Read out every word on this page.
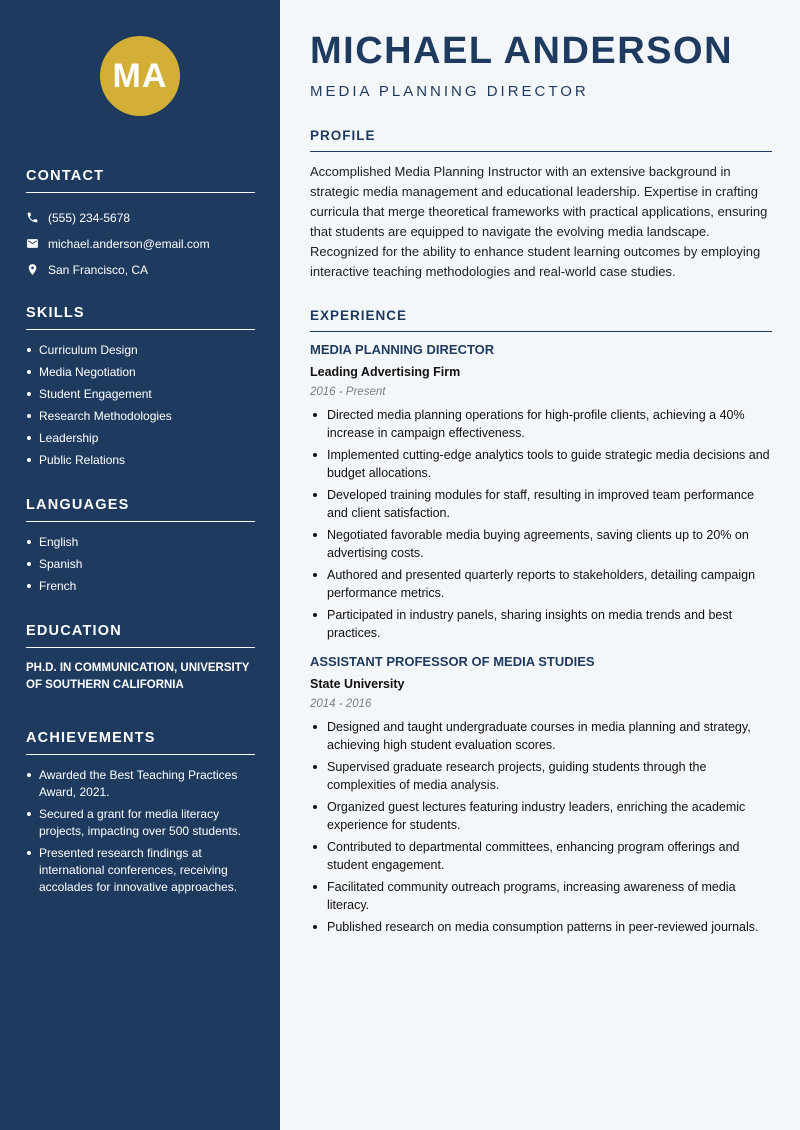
MA
CONTACT
(555) 234-5678
michael.anderson@email.com
San Francisco, CA
SKILLS
Curriculum Design
Media Negotiation
Student Engagement
Research Methodologies
Leadership
Public Relations
LANGUAGES
English
Spanish
French
EDUCATION
PH.D. IN COMMUNICATION, UNIVERSITY OF SOUTHERN CALIFORNIA
ACHIEVEMENTS
Awarded the Best Teaching Practices Award, 2021.
Secured a grant for media literacy projects, impacting over 500 students.
Presented research findings at international conferences, receiving accolades for innovative approaches.
MICHAEL ANDERSON
MEDIA PLANNING DIRECTOR
PROFILE

Accomplished Media Planning Instructor with an extensive background in strategic media management and educational leadership. Expertise in crafting curricula that merge theoretical frameworks with practical applications, ensuring that students are equipped to navigate the evolving media landscape. Recognized for the ability to enhance student learning outcomes by employing interactive teaching methodologies and real-world case studies.

EXPERIENCE
MEDIA PLANNING DIRECTOR
Leading Advertising Firm
2016 - Present
Directed media planning operations for high-profile clients, achieving a 40% increase in campaign effectiveness.
Implemented cutting-edge analytics tools to guide strategic media decisions and budget allocations.
Developed training modules for staff, resulting in improved team performance and client satisfaction.
Negotiated favorable media buying agreements, saving clients up to 20% on advertising costs.
Authored and presented quarterly reports to stakeholders, detailing campaign performance metrics.
Participated in industry panels, sharing insights on media trends and best practices.
ASSISTANT PROFESSOR OF MEDIA STUDIES
State University
2014 - 2016
Designed and taught undergraduate courses in media planning and strategy, achieving high student evaluation scores.
Supervised graduate research projects, guiding students through the complexities of media analysis.
Organized guest lectures featuring industry leaders, enriching the academic experience for students.
Contributed to departmental committees, enhancing program offerings and student engagement.
Facilitated community outreach programs, increasing awareness of media literacy.
Published research on media consumption patterns in peer-reviewed journals.
